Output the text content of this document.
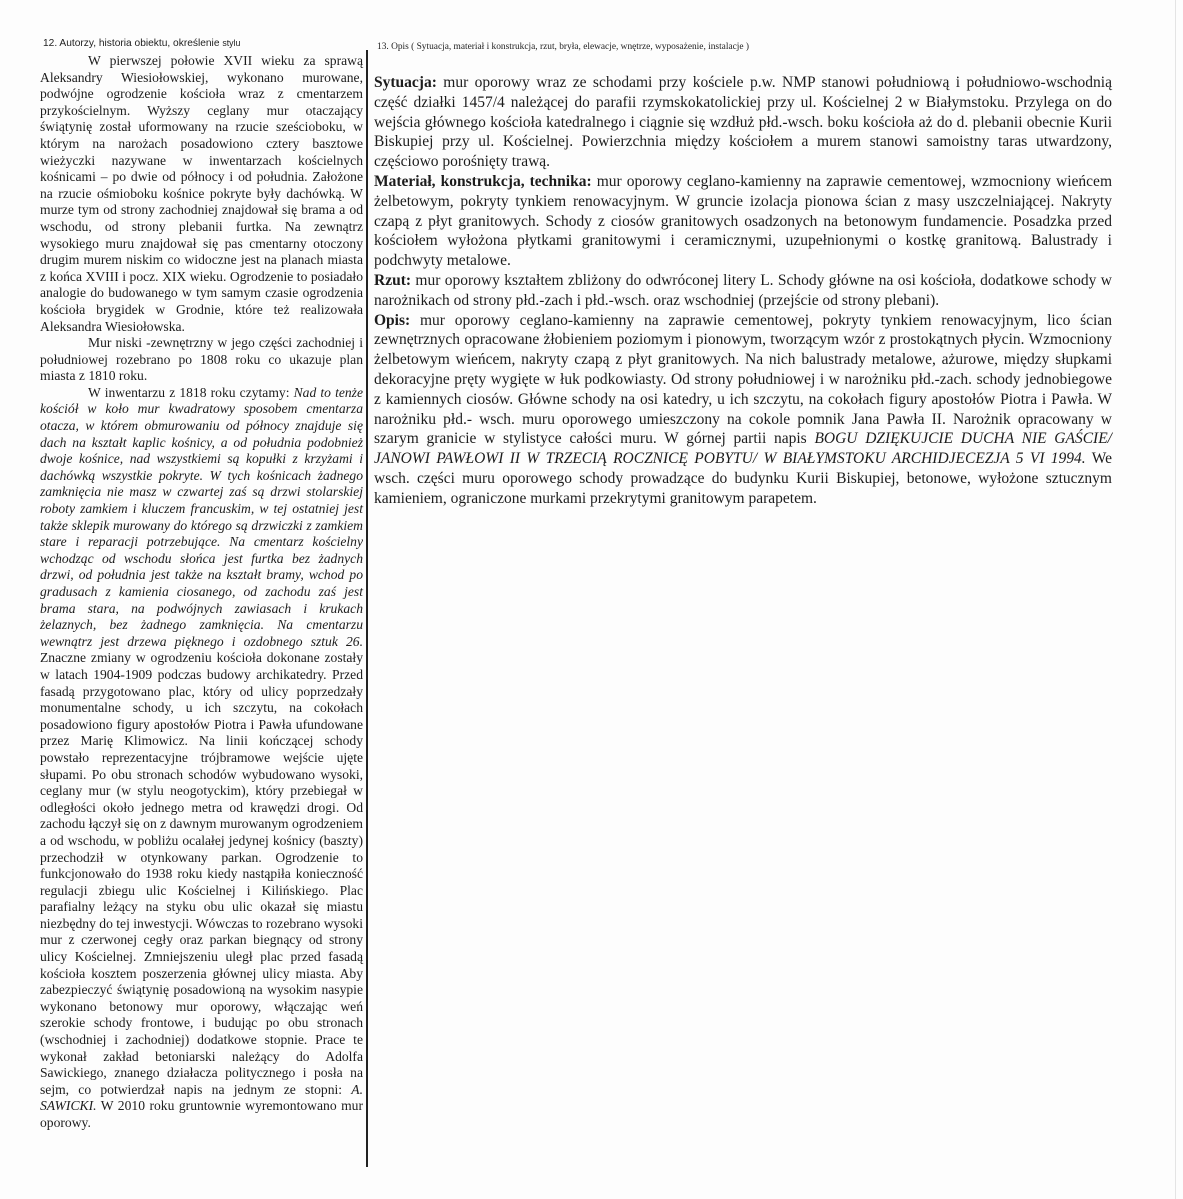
12. Autorzy, historia obiektu, określenie stylu	13. Opis ( Sytuacja, materiał i konstrukcja, rzut, bryła, elewacje, wnętrze, wyposażenie, instalacje )

W pierwszej połowie XVII wieku za sprawą Aleksandry Wiesiołowskiej, wykonano murowane, podwójne ogrodzenie kościoła wraz z cmentarzem przykościelnym. Wyższy ceglany mur otaczający świątynię został uformowany na rzucie sześcioboku, w którym na narożach posadowiono cztery basztowe wieżyczki nazywane w inwentarzach kościelnych kośnicami – po dwie od północy i od południa. Założone na rzucie ośmioboku kośnice pokryte były dachówką. W murze tym od strony zachodniej znajdował się brama a od wschodu, od strony plebanii furtka. Na zewnątrz wysokiego muru znajdował się pas cmentarny otoczony drugim murem niskim co widoczne jest na planach miasta z końca XVIII i pocz. XIX wieku. Ogrodzenie to posiadało analogie do budowanego w tym samym czasie ogrodzenia kościoła brygidek w Grodnie, które też realizowała Aleksandra Wiesiołowska.

Mur niski -zewnętrzny w jego części zachodniej i południowej rozebrano po 1808 roku co ukazuje plan miasta z 1810 roku.

W inwentarzu z 1818 roku czytamy: Nad to tenże kościół w koło mur kwadratowy sposobem cmentarza otacza, w którem obmurowaniu od północy znajduje się dach na kształt kaplic kośnicy, a od południa podobnież dwoje kośnice, nad wszystkiemi są kopułki z krzyżami i dachówką wszystkie pokryte. W tych kośnicach żadnego zamknięcia nie masz w czwartej zaś są drzwi stolarskiej roboty zamkiem i kluczem francuskim, w tej ostatniej jest także sklepik murowany do którego są drzwiczki z zamkiem stare i reparacji potrzebujące. Na cmentarz kościelny wchodząc od wschodu słońca jest furtka bez żadnych drzwi, od południa jest także na kształt bramy, wchod po gradusach z kamienia ciosanego, od zachodu zaś jest brama stara, na podwójnych zawiasach i krukach żelaznych, bez żadnego zamknięcia. Na cmentarzu wewnątrz jest drzewa pięknego i ozdobnego sztuk 26. Znaczne zmiany w ogrodzeniu kościoła dokonane zostały w latach 1904-1909 podczas budowy archikatedry. Przed fasadą przygotowano plac, który od ulicy poprzedzały monumentalne schody, u ich szczytu, na cokołach posadowiono figury apostołów Piotra i Pawła ufundowane przez Marię Klimowicz. Na linii kończącej schody powstało reprezentacyjne trójbramowe wejście ujęte słupami. Po obu stronach schodów wybudowano wysoki, ceglany mur (w stylu neogotyckim), który przebiegał w odległości około jednego metra od krawędzi drogi. Od zachodu łączył się on z dawnym murowanym ogrodzeniem a od wschodu, w pobliżu ocalałej jedynej kośnicy (baszty) przechodził w otynkowany parkan. Ogrodzenie to funkcjonowało do 1938 roku kiedy nastąpiła konieczność regulacji zbiegu ulic Kościelnej i Kilińskiego. Plac parafialny leżący na styku obu ulic okazał się miastu niezbędny do tej inwestycji. Wówczas to rozebrano wysoki mur z czerwonej cegły oraz parkan biegnący od strony ulicy Kościelnej. Zmniejszeniu uległ plac przed fasadą kościoła kosztem poszerzenia głównej ulicy miasta. Aby zabezpieczyć świątynię posadowioną na wysokim nasypie wykonano betonowy mur oporowy, włączając weń szerokie schody frontowe, i budując po obu stronach (wschodniej i zachodniej) dodatkowe stopnie. Prace te wykonał zakład betoniarski należący do Adolfa Sawickiego, znanego działacza politycznego i posła na sejm, co potwierdzał napis na jednym ze stopni: A. SAWICKI. W 2010 roku gruntownie wyremontowano mur oporowy.

Sytuacja: mur oporowy wraz ze schodami przy kościele p.w. NMP stanowi południową i południowo-wschodnią część działki 1457/4 należącej do parafii rzymskokatolickiej przy ul. Kościelnej 2 w Białymstoku. Przylega on do wejścia głównego kościoła katedralnego i ciągnie się wzdłuż płd.-wsch. boku kościoła aż do d. plebanii obecnie Kurii Biskupiej przy ul. Kościelnej. Powierzchnia między kościołem a murem stanowi samoistny taras utwardzony, częściowo porośnięty trawą.

Materiał, konstrukcja, technika: mur oporowy ceglano-kamienny na zaprawie cementowej, wzmocniony wieńcem żelbetowym, pokryty tynkiem renowacyjnym. W gruncie izolacja pionowa ścian z masy uszczelniającej. Nakryty czapą z płyt granitowych. Schody z ciosów granitowych osadzonych na betonowym fundamencie. Posadzka przed kościołem wyłożona płytkami granitowymi i ceramicznymi, uzupełnionymi o kostkę granitową. Balustrady i podchwyty metalowe.

Rzut: mur oporowy kształtem zbliżony do odwróconej litery L. Schody główne na osi kościoła, dodatkowe schody w narożnikach od strony płd.-zach i płd.-wsch. oraz wschodniej (przejście od strony plebani).

Opis: mur oporowy ceglano-kamienny na zaprawie cementowej, pokryty tynkiem renowacyjnym, lico ścian zewnętrznych opracowane żłobieniem poziomym i pionowym, tworzącym wzór z prostokątnych płycin. Wzmocniony żelbetowym wieńcem, nakryty czapą z płyt granitowych. Na nich balustrady metalowe, ażurowe, między słupkami dekoracyjne pręty wygięte w łuk podkowiasty. Od strony południowej i w narożniku płd.-zach. schody jednobiegowe z kamiennych ciosów. Główne schody na osi katedry, u ich szczytu, na cokołach figury apostołów Piotra i Pawła. W narożniku płd.- wsch. muru oporowego umieszczony na cokole pomnik Jana Pawła II. Narożnik opracowany w szarym granicie w stylistyce całości muru. W górnej partii napis BOGU DZIĘKUJCIE DUCHA NIE GAŚCIE/ JANOWI PAWŁOWI II W TRZECIĄ ROCZNICĘ POBYTU/ W BIAŁYMSTOKU ARCHIDJECEZJA 5 VI 1994. We wsch. części muru oporowego schody prowadzące do budynku Kurii Biskupiej, betonowe, wyłożone sztucznym kamieniem, ograniczone murkami przekrytymi granitowym parapetem.
